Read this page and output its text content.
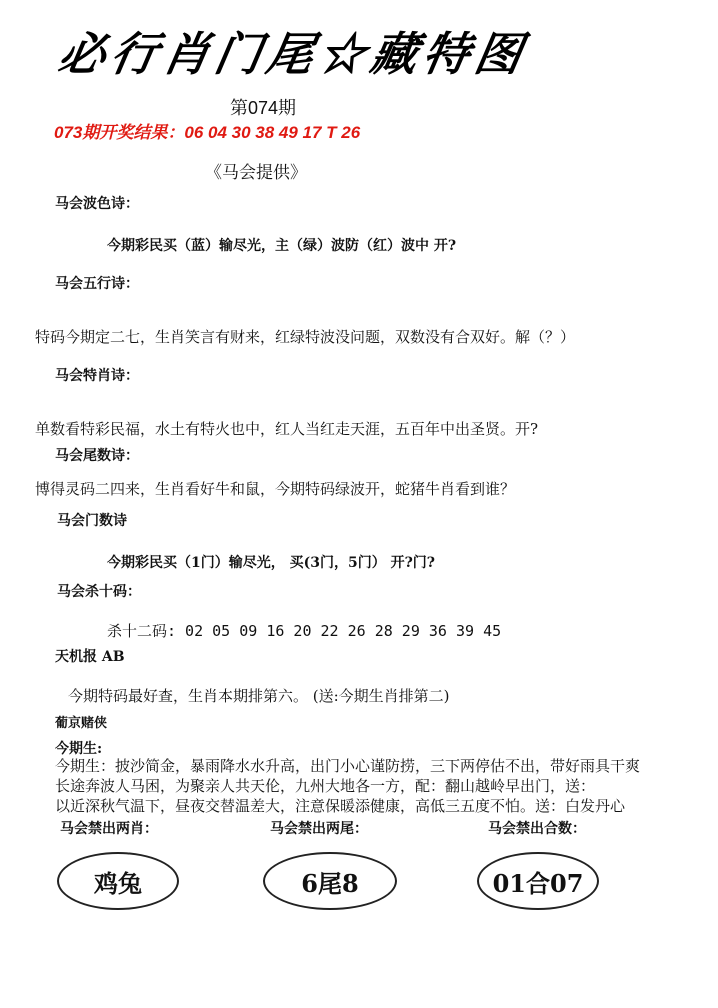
必行肖门尾☆藏特图
第074期
073期开奖结果：06 04 30 38 49 17 T 26
《马会提供》
马会波色诗：
今期彩民买（蓝）输尽光，主（绿）波防（红）波中 开?
马会五行诗：
特码今期定二七，生肖笑言有财来，红绿特波没问题，双数没有合双好。解（？）
马会特肖诗：
单数看特彩民福，水土有特火也中，红人当红走天涯，五百年中出圣贤。开?
马会尾数诗：
博得灵码二四来，生肖看好牛和鼠，今期特码绿波开，蛇猪牛肖看到谁？
马会门数诗
今期彩民买（1门）输尽光， 买(3门，5门） 开?门?
马会杀十码：
杀十二码: 02 05 09 16 20 22 26 28 29 36 39 45
天机报 AB
今期特码最好查，生肖本期排第六。 (送:今期生肖排第二)
葡京赌侠
今期生:
今期生：披沙简金，暴雨降水水升高，出门小心谨防捞，三下两停估不出，带好雨具干爽
长途奔波人马困，为聚亲人共天伦，九州大地各一方，配：翻山越岭早出门，送：
以近深秋气温下，昼夜交替温差大，注意保暖添健康，高低三五度不怕。送：白发丹心
马会禁出两肖：	马会禁出两尾：	马会禁出合数：
鸡兔	6尾8	01合07
